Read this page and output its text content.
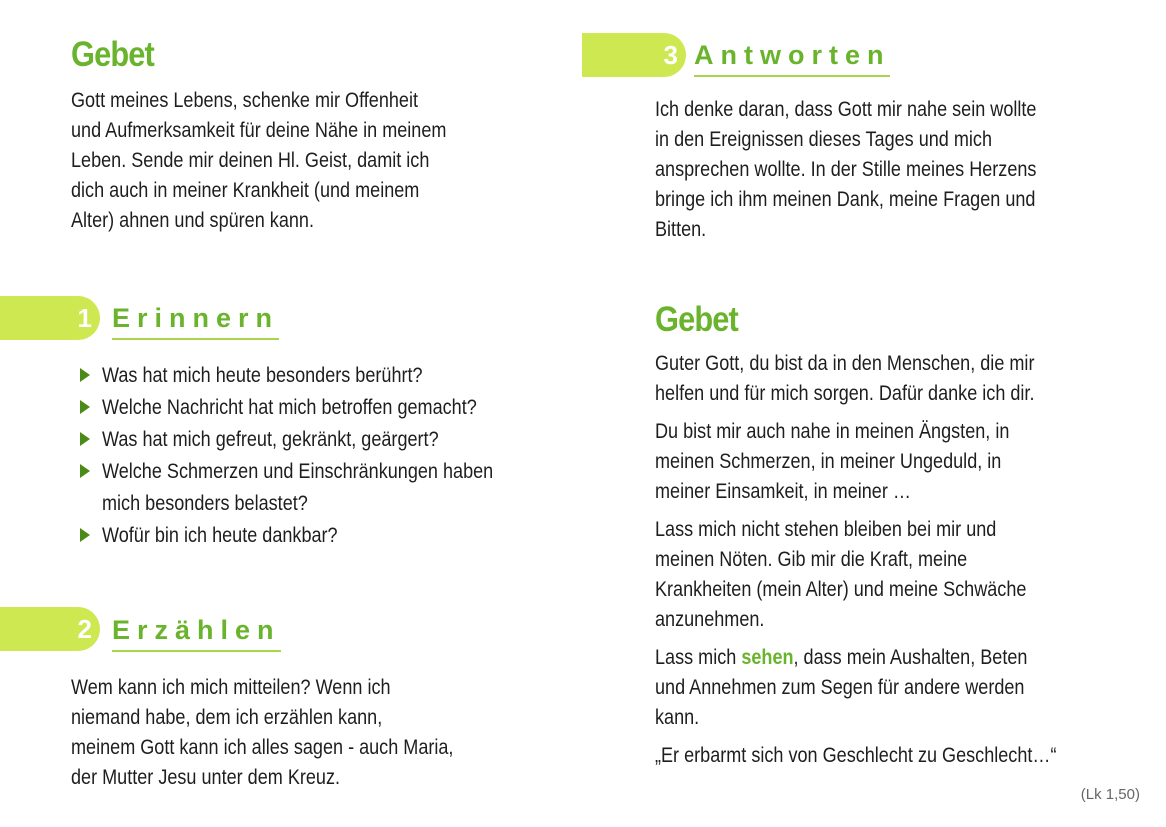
Gebet
Gott meines Lebens, schenke mir Offenheit
und Aufmerksamkeit für deine Nähe in meinem
Leben. Sende mir deinen Hl. Geist, damit ich
dich auch in meiner Krankheit (und meinem
Alter) ahnen und spüren kann.
1 Erinnern
Was hat mich heute besonders berührt?
Welche Nachricht hat mich betroffen gemacht?
Was hat mich gefreut, gekränkt, geärgert?
Welche Schmerzen und Einschränkungen haben
mich besonders belastet?
Wofür bin ich heute dankbar?
2 Erzählen
Wem kann ich mich mitteilen? Wenn ich
niemand habe, dem ich erzählen kann,
meinem Gott kann ich alles sagen - auch Maria,
der Mutter Jesu unter dem Kreuz.
3 Antworten
Ich denke daran, dass Gott mir nahe sein wollte
in den Ereignissen dieses Tages und mich
ansprechen wollte. In der Stille meines Herzens
bringe ich ihm meinen Dank, meine Fragen und
Bitten.
Gebet

Guter Gott, du bist da in den Menschen, die mir
helfen und für mich sorgen. Dafür danke ich dir.

Du bist mir auch nahe in meinen Ängsten, in
meinen Schmerzen, in meiner Ungeduld, in
meiner Einsamkeit, in meiner …

Lass mich nicht stehen bleiben bei mir und
meinen Nöten. Gib mir die Kraft, meine
Krankheiten (mein Alter) und meine Schwäche
anzunehmen.

Lass mich sehen, dass mein Aushalten, Beten
und Annehmen zum Segen für andere werden
kann.

„Er erbarmt sich von Geschlecht zu Geschlecht…“

(Lk 1,50)
